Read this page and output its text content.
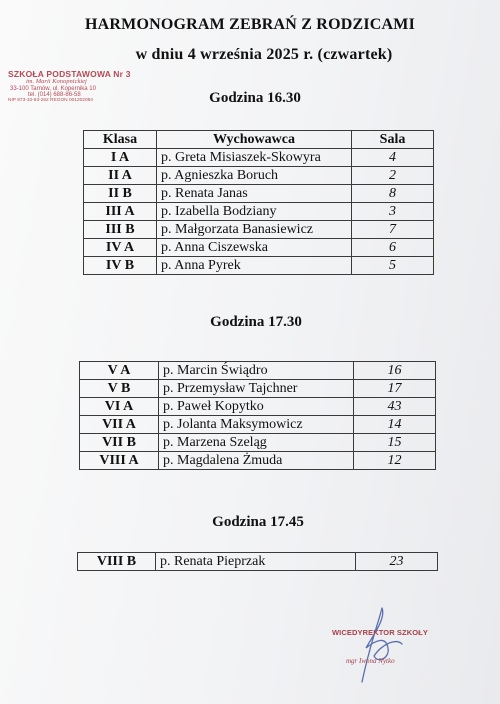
HARMONOGRAM ZEBRAŃ Z RODZICAMI
w dniu 4 września 2025 r. (czwartek)
SZKOŁA PODSTAWOWA Nr 3
im. Marii Konopnickiej
33-100 Tarnów, ul. Kopernika 10
tel. (014) 688-86-58
NIP 873-10-93-262 REGON 001202084	Godzina 16.30
Klasa	Wychowawca	Sala
I A	p. Greta Misiaszek-Skowyra	4
II A	p. Agnieszka Boruch	2
II B	p. Renata Janas	8
III A	p. Izabella Bodziany	3
III B	p. Małgorzata Banasiewicz	7
IV A	p. Anna Ciszewska	6
IV B	p. Anna Pyrek	5
Godzina 17.30
V A	p. Marcin Świądro	16
V B	p. Przemysław Tajchner	17
VI A	p. Paweł Kopytko	43
VII A	p. Jolanta Maksymowicz	14
VII B	p. Marzena Szeląg	15
VIII A	p. Magdalena Żmuda	12
Godzina 17.45
VIII B	p. Renata Pieprzak	23
WICEDYREKTOR SZKOŁY
mgr Iwona Nytko
